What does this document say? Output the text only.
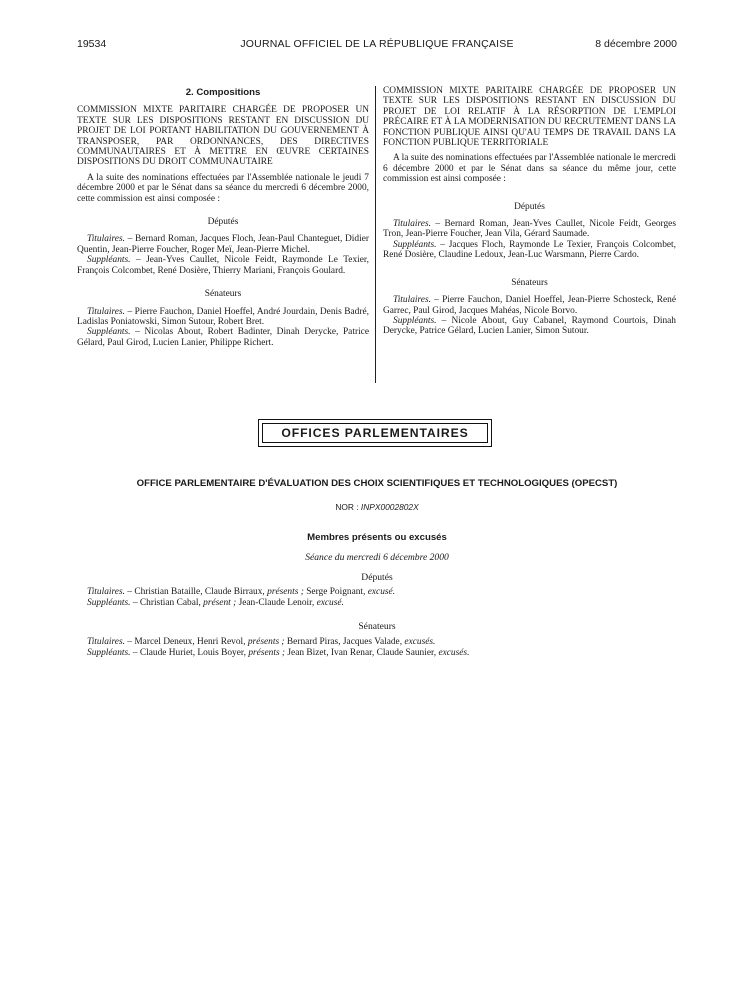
19534	JOURNAL OFFICIEL DE LA RÉPUBLIQUE FRANÇAISE	8 décembre 2000
2. Compositions
COMMISSION MIXTE PARITAIRE CHARGÉE DE PROPOSER UN TEXTE SUR LES DISPOSITIONS RESTANT EN DISCUSSION DU PROJET DE LOI PORTANT HABILITATION DU GOUVERNEMENT À TRANSPOSER, PAR ORDONNANCES, DES DIRECTIVES COMMUNAUTAIRES ET À METTRE EN ŒUVRE CERTAINES DISPOSITIONS DU DROIT COMMUNAUTAIRE
A la suite des nominations effectuées par l'Assemblée nationale le jeudi 7 décembre 2000 et par le Sénat dans sa séance du mercredi 6 décembre 2000, cette commission est ainsi composée :
Députés

Titulaires. – Bernard Roman, Jacques Floch, Jean-Paul Chanteguet, Didier Quentin, Jean-Pierre Foucher, Roger Meï, Jean-Pierre Michel.

Suppléants. – Jean-Yves Caullet, Nicole Feidt, Raymonde Le Texier, François Colcombet, René Dosière, Thierry Mariani, François Goulard.

Sénateurs

Titulaires. – Pierre Fauchon, Daniel Hoeffel, André Jourdain, Denis Badré, Ladislas Poniatowski, Simon Sutour, Robert Bret.

Suppléants. – Nicolas About, Robert Badinter, Dinah Derycke, Patrice Gélard, Paul Girod, Lucien Lanier, Philippe Richert.

COMMISSION MIXTE PARITAIRE CHARGÉE DE PROPOSER UN TEXTE SUR LES DISPOSITIONS RESTANT EN DISCUSSION DU PROJET DE LOI RELATIF À LA RÉSORPTION DE L'EMPLOI PRÉCAIRE ET À LA MODERNISATION DU RECRUTEMENT DANS LA FONCTION PUBLIQUE AINSI QU'AU TEMPS DE TRAVAIL DANS LA FONCTION PUBLIQUE TERRITORIALE
A la suite des nominations effectuées par l'Assemblée nationale le mercredi 6 décembre 2000 et par le Sénat dans sa séance du même jour, cette commission est ainsi composée :
Députés

Titulaires. – Bernard Roman, Jean-Yves Caullet, Nicole Feidt, Georges Tron, Jean-Pierre Foucher, Jean Vila, Gérard Saumade.

Suppléants. – Jacques Floch, Raymonde Le Texier, François Colcombet, René Dosière, Claudine Ledoux, Jean-Luc Warsmann, Pierre Cardo.

Sénateurs

Titulaires. – Pierre Fauchon, Daniel Hoeffel, Jean-Pierre Schosteck, René Garrec, Paul Girod, Jacques Mahéas, Nicole Borvo.

Suppléants. – Nicole About, Guy Cabanel, Raymond Courtois, Dinah Derycke, Patrice Gélard, Lucien Lanier, Simon Sutour.

OFFICES PARLEMENTAIRES
OFFICE PARLEMENTAIRE D'ÉVALUATION DES CHOIX SCIENTIFIQUES ET TECHNOLOGIQUES (OPECST)
NOR : INPX0002802X
Membres présents ou excusés
Séance du mercredi 6 décembre 2000
Députés
Titulaires. – Christian Bataille, Claude Birraux, présents ; Serge Poignant, excusé.
Suppléants. – Christian Cabal, présent ; Jean-Claude Lenoir, excusé.
Sénateurs
Titulaires. – Marcel Deneux, Henri Revol, présents ; Bernard Piras, Jacques Valade, excusés.
Suppléants. – Claude Huriet, Louis Boyer, présents ; Jean Bizet, Ivan Renar, Claude Saunier, excusés.
